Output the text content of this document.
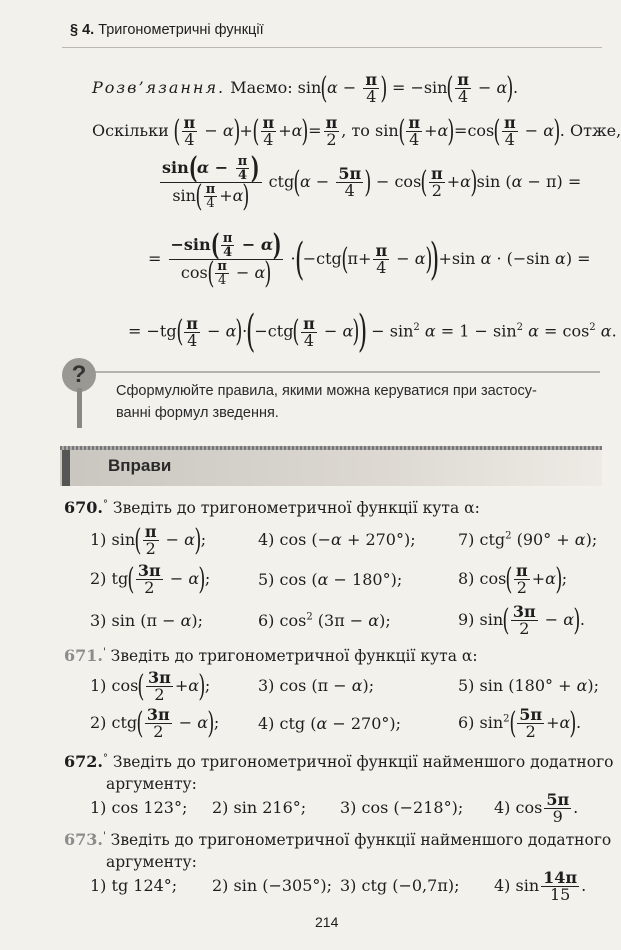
§ 4. Тригонометричні функції
Розв’язання. Маємо: $\sin(\alpha - \frac{\pi}{4}$ ) = $-\sin( \frac{\pi}{4} - \alpha)$.
Оскільки ( $\frac{\pi}{4} - \alpha)+( \frac{\pi}{4} +\alpha)= \frac{\pi}{2}$ , то $\sin( \frac{\pi}{4} +\alpha)=\cos( \frac{\pi}{4} - \alpha)$. Отже,
$\frac{\sin(\alpha - \frac{\pi}{4} )}{\sin( \frac{\pi}{4} +\alpha)} ctg(\alpha - \frac{5\pi}{4}$ ) − $\cos( \frac{\pi}{2} +\alpha)\sin$ (α − π) =
= $\frac{-\sin( \frac{\pi}{4} - \alpha)}{\cos( \frac{\pi}{4} - \alpha)} \cdot(-ctg(\pi+ \frac{\pi}{4} - \alpha))+\sin$ α · (−sin α) =
= $-tg( \frac{\pi}{4} - \alpha)\cdot(-ctg( \frac{\pi}{4} - \alpha)) - \sin^2 \alpha = 1 - \sin^2 \alpha = \cos^2 \alpha$.
?
Сформулюйте правила, якими можна керуватися при застосу-
ванні формул зведення.
Вправи
670.° Зведіть до тригонометричної функції кута α:
1) $\sin( \frac{\pi}{2} - \alpha)$;	4) cos (−α + 270°);	7) ctg$^2$ (90° + α);
2) $tg( \frac{3\pi}{2} - \alpha)$;	5) cos (α − 180°);	8) $\cos( \frac{\pi}{2} +\alpha)$;
3) sin (π − α);	6) $\cos^2 (3\pi - \alpha)$;	9) $\sin( \frac{3\pi}{2} - \alpha)$.
671.' Зведіть до тригонометричної функції кута α:
1) $\cos( \frac{3\pi}{2} +\alpha)$;	3) cos (π − α);	5) sin (180° + α);
2) $ctg( \frac{3\pi}{2} - \alpha)$; 4) ctg (α − 270°);	6) $\sin^2( \frac{5\pi}{2} +\alpha)$.
672.° Зведіть до тригонометричної функції найменшого додатного
аргументу:
1) cos 123°; 2) sin 216°; 3) cos (−218°); 4) $\cos \frac{5\pi}{9}$ .
673.' Зведіть до тригонометричної функції найменшого додатного
аргументу:
1) tg 124°; 2) sin (−305°); 3) ctg (−0,7π); 4) $\sin \frac{14\pi}{15}$ .
214
